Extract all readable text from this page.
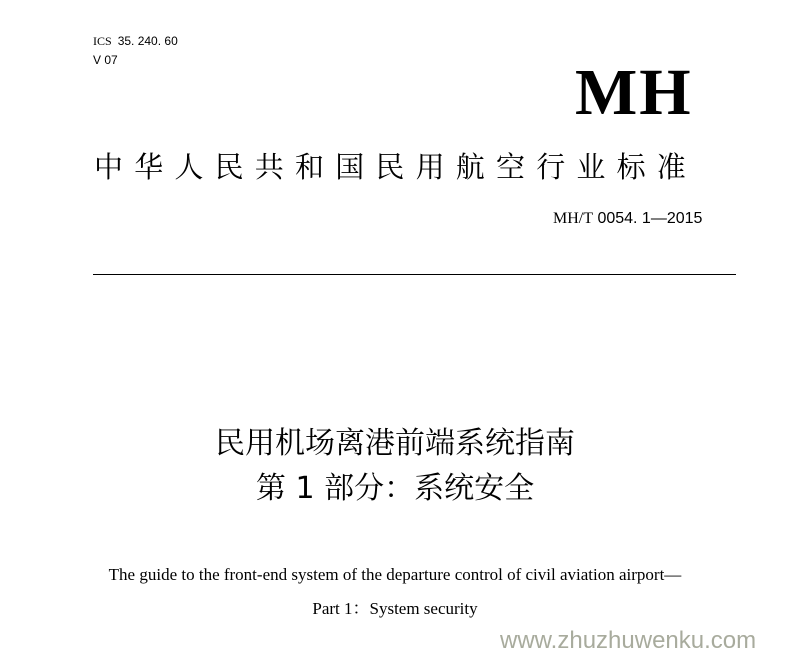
ICS 35. 240. 60
V 07	MH
中华人民共和国民用航空行业标准
MH/T 0054. 1—2015
民用机场离港前端系统指南
第 1 部分：系统安全
The guide to the front-end system of the departure control of civil aviation airport—
Part 1：System security
www.zhuzhuwenku.com
